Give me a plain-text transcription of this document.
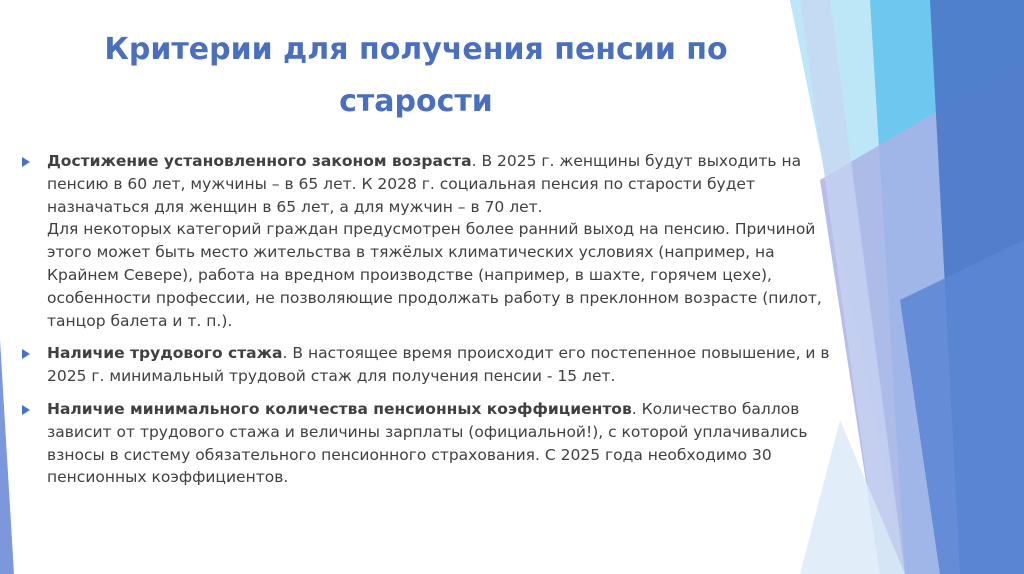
Критерии для получения пенсии по старости
Достижение установленного законом возраста. В 2025 г. женщины будут выходить на пенсию в 60 лет, мужчины – в 65 лет. К 2028 г. социальная пенсия по старости будет назначаться для женщин в 65 лет, а для мужчин – в 70 лет.
Для некоторых категорий граждан предусмотрен более ранний выход на пенсию. Причиной этого может быть место жительства в тяжёлых климатических условиях (например, на Крайнем Севере), работа на вредном производстве (например, в шахте, горячем цехе), особенности профессии, не позволяющие продолжать работу в преклонном возрасте (пилот, танцор балета и т. п.).
Наличие трудового стажа. В настоящее время происходит его постепенное повышение, и в 2025 г. минимальный трудовой стаж для получения пенсии - 15 лет.
Наличие минимального количества пенсионных коэффициентов. Количество баллов зависит от трудового стажа и величины зарплаты (официальной!), с которой уплачивались взносы в систему обязательного пенсионного страхования. С 2025 года необходимо 30 пенсионных коэффициентов.
